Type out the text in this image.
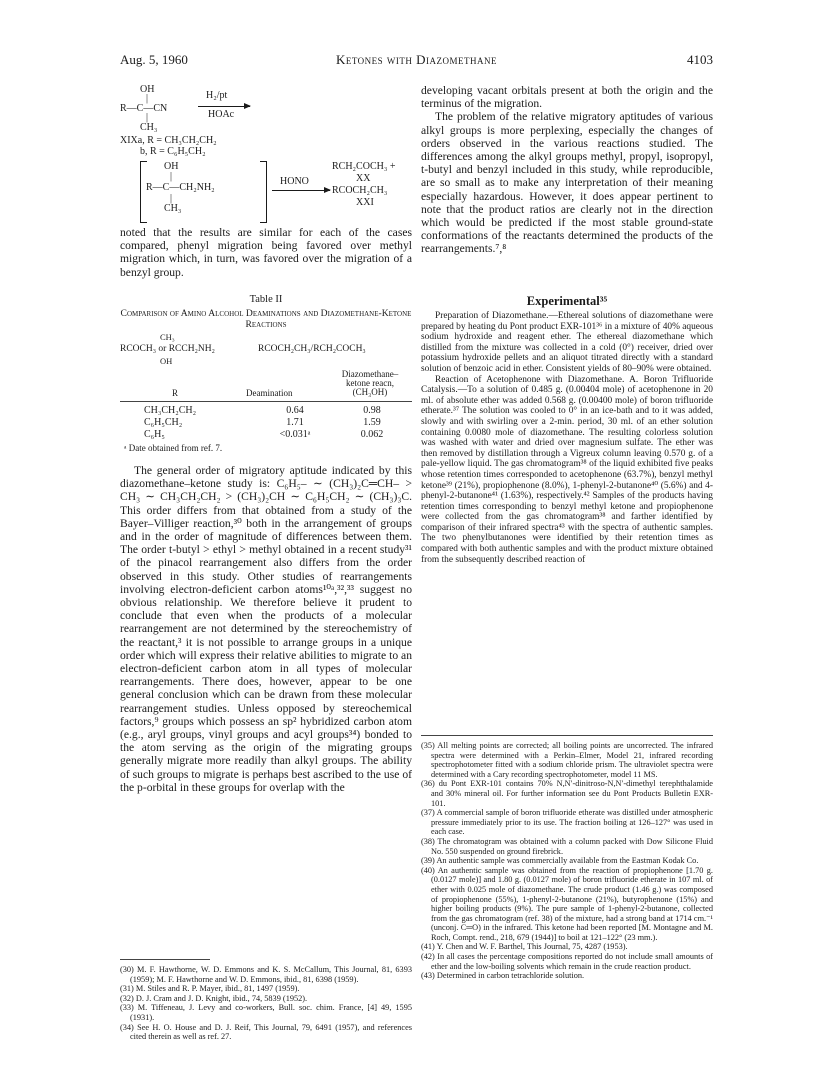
Aug. 5, 1960	Ketones with Diazomethane	4103
OH
|
R—C—CN
H₂/pt
HOAc
|
CH₃
XIXa, R = CH₃CH₂CH₂
b, R = C₆H₅CH₂
OH
|
R—C—CH₂NH₂
|
CH₃
HONO
RCH₂COCH₃ +
XX
RCOCH₂CH₃
XXI

noted that the results are similar for each of the cases compared, phenyl migration being favored over methyl migration which, in turn, was favored over the migration of a benzyl group.

Table II
Comparison of Amino Alcohol Deaminations and Diazomethane-Ketone Reactions
CH₃
RCOCH₃ or RCCH₂NH₂
OH
RCOCH₂CH₃/RCH₂COCH₃
R	Deamination
Diazomethane–
ketone reacn,
(CH₃OH)
CH₃CH₂CH₂	0.64	0.98
C₆H₅CH₂	1.71	1.59
C₆H₅	<0.031ᵃ	0.062
ᵃ Date obtained from ref. 7.

The general order of migratory aptitude indicated by this diazomethane–ketone study is: C₆H₅– ∼ (CH₃)₂C═CH– > CH₃ ∼ CH₃CH₂CH₂ > (CH₃)₂CH ∼ C₆H₅CH₂ ∼ (CH₃)₃C. This order differs from that obtained from a study of the Bayer–Villiger reaction,³⁰ both in the arrangement of groups and in the order of magnitude of differences between them. The order t-butyl > ethyl > methyl obtained in a recent study³¹ of the pinacol rearrangement also differs from the order observed in this study. Other studies of rearrangements involving electron-deficient carbon atoms¹⁰ᵃ,³²,³³ suggest no obvious relationship. We therefore believe it prudent to conclude that even when the products of a molecular rearrangement are not determined by the stereochemistry of the reactant,³ it is not possible to arrange groups in a unique order which will express their relative abilities to migrate to an electron-deficient carbon atom in all types of molecular rearrangements. There does, however, appear to be one general conclusion which can be drawn from these molecular rearrangement studies. Unless opposed by stereochemical factors,⁹ groups which possess an sp² hybridized carbon atom (e.g., aryl groups, vinyl groups and acyl groups³⁴) bonded to the atom serving as the origin of the migrating groups generally migrate more readily than alkyl groups. The ability of such groups to migrate is perhaps best ascribed to the use of the p-orbital in these groups for overlap with the

(30) M. F. Hawthorne, W. D. Emmons and K. S. McCallum, This Journal, 81, 6393 (1959); M. F. Hawthorne and W. D. Emmons, ibid., 81, 6398 (1959).

(31) M. Stiles and R. P. Mayer, ibid., 81, 1497 (1959).

(32) D. J. Cram and J. D. Knight, ibid., 74, 5839 (1952).

(33) M. Tiffeneau, J. Levy and co-workers, Bull. soc. chim. France, [4] 49, 1595 (1931).

(34) See H. O. House and D. J. Reif, This Journal, 79, 6491 (1957), and references cited therein as well as ref. 27.

developing vacant orbitals present at both the origin and the terminus of the migration.

The problem of the relative migratory aptitudes of various alkyl groups is more perplexing, especially the changes of orders observed in the various reactions studied. The differences among the alkyl groups methyl, propyl, isopropyl, t-butyl and benzyl included in this study, while reproducible, are so small as to make any interpretation of their meaning especially hazardous. However, it does appear pertinent to note that the product ratios are clearly not in the direction which would be predicted if the most stable ground-state conformations of the reactants determined the products of the rearrangements.⁷,⁸

Experimental³⁵

Preparation of Diazomethane.—Ethereal solutions of diazomethane were prepared by heating du Pont product EXR-101³⁶ in a mixture of 40% aqueous sodium hydroxide and reagent ether. The ethereal diazomethane which distilled from the mixture was collected in a cold (0°) receiver, dried over potassium hydroxide pellets and an aliquot titrated directly with a standard solution of benzoic acid in ether. Consistent yields of 80–90% were obtained.

Reaction of Acetophenone with Diazomethane. A. Boron Trifluoride Catalysis.—To a solution of 0.485 g. (0.00404 mole) of acetophenone in 20 ml. of absolute ether was added 0.568 g. (0.00400 mole) of boron trifluoride etherate.³⁷ The solution was cooled to 0° in an ice-bath and to it was added, slowly and with swirling over a 2-min. period, 30 ml. of an ether solution containing 0.0080 mole of diazomethane. The resulting colorless solution was washed with water and dried over magnesium sulfate. The ether was then removed by distillation through a Vigreux column leaving 0.570 g. of a pale-yellow liquid. The gas chromatogram³⁸ of the liquid exhibited five peaks whose retention times corresponded to acetophenone (63.7%), benzyl methyl ketone³⁹ (21%), propiophenone (8.0%), 1-phenyl-2-butanone⁴⁰ (5.6%) and 4-phenyl-2-butanone⁴¹ (1.63%), respectively.⁴² Samples of the products having retention times corresponding to benzyl methyl ketone and propiophenone were collected from the gas chromatogram³⁸ and farther identified by comparison of their infrared spectra⁴³ with the spectra of authentic samples. The two phenylbutanones were identified by their retention times as compared with both authentic samples and with the product mixture obtained from the subsequently described reaction of

(35) All melting points are corrected; all boiling points are uncorrected. The infrared spectra were determined with a Perkin–Elmer, Model 21, infrared recording spectrophotometer fitted with a sodium chloride prism. The ultraviolet spectra were determined with a Cary recording spectrophotometer, model 11 MS.

(36) du Pont EXR-101 contains 70% N,N′-dinitroso-N,N′-dimethyl terephthalamide and 30% mineral oil. For further information see du Pont Products Bulletin EXR-101.

(37) A commercial sample of boron trifluoride etherate was distilled under atmospheric pressure immediately prior to its use. The fraction boiling at 126–127° was used in each case.

(38) The chromatogram was obtained with a column packed with Dow Silicone Fluid No. 550 suspended on ground firebrick.

(39) An authentic sample was commercially available from the Eastman Kodak Co.

(40) An authentic sample was obtained from the reaction of propiophenone [1.70 g. (0.0127 mole)] and 1.80 g. (0.0127 mole) of boron trifluoride etherate in 107 ml. of ether with 0.025 mole of diazomethane. The crude product (1.46 g.) was composed of propiophenone (55%), 1-phenyl-2-butanone (21%), butyrophenone (15%) and higher boiling products (9%). The pure sample of 1-phenyl-2-butanone, collected from the gas chromatogram (ref. 38) of the mixture, had a strong band at 1714 cm.⁻¹ (unconj. C═O) in the infrared. This ketone had been reported [M. Montagne and M. Roch, Compt. rend., 218, 679 (1944)] to boil at 121–122° (23 mm.).

(41) Y. Chen and W. F. Barthel, This Journal, 75, 4287 (1953).

(42) In all cases the percentage compositions reported do not include small amounts of ether and the low-boiling solvents which remain in the crude reaction product.

(43) Determined in carbon tetrachloride solution.
